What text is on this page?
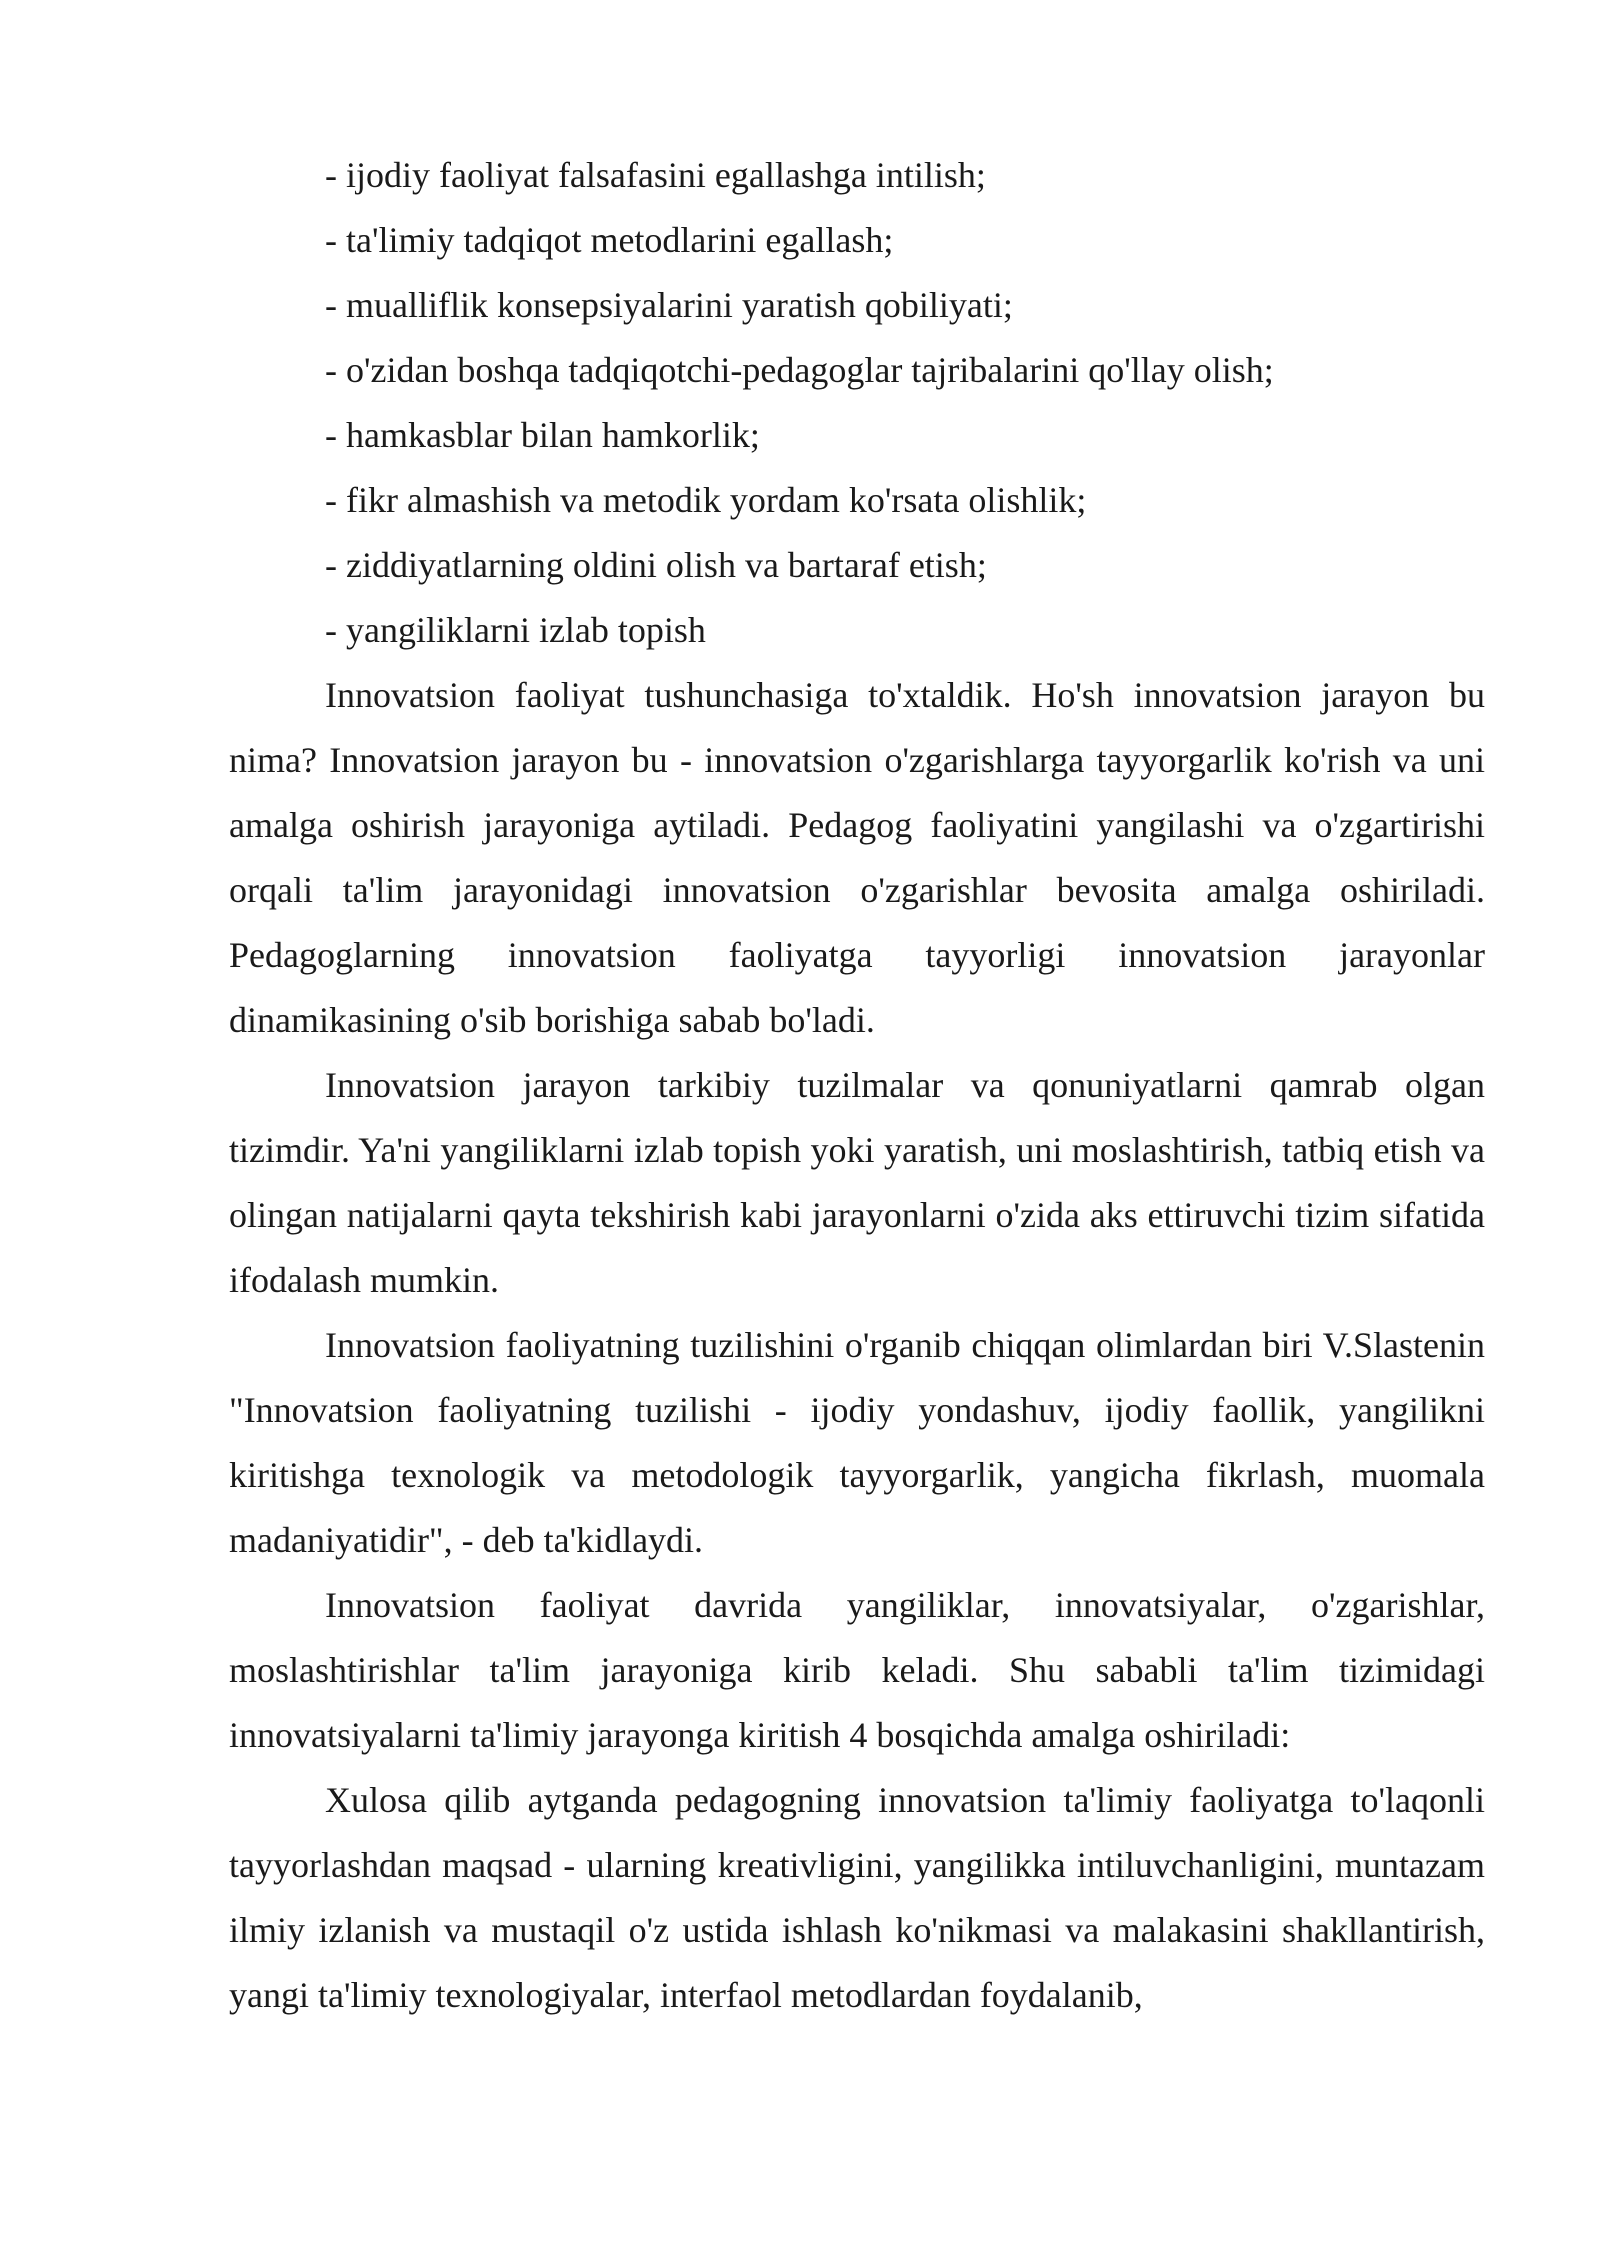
- ijodiy faoliyat falsafasini egallashga intilish;
- ta'limiy tadqiqot metodlarini egallash;
- mualliflik konsepsiyalarini yaratish qobiliyati;
- o'zidan boshqa tadqiqotchi-pedagoglar tajribalarini qo'llay olish;
- hamkasblar bilan hamkorlik;
- fikr almashish va metodik yordam ko'rsata olishlik;
- ziddiyatlarning oldini olish va bartaraf etish;
- yangiliklarni izlab topish

Innovatsion faoliyat tushunchasiga to'xtaldik. Ho'sh innovatsion jarayon bu nima? Innovatsion jarayon bu - innovatsion o'zgarishlarga tayyorgarlik ko'rish va uni amalga oshirish jarayoniga aytiladi. Pedagog faoliyatini yangilashi va o'zgartirishi orqali ta'lim jarayonidagi innovatsion o'zgarishlar bevosita amalga oshiriladi. Pedagoglarning innovatsion faoliyatga tayyorligi innovatsion jarayonlar dinamikasining o'sib borishiga sabab bo'ladi.

Innovatsion jarayon tarkibiy tuzilmalar va qonuniyatlarni qamrab olgan tizimdir. Ya'ni yangiliklarni izlab topish yoki yaratish, uni moslashtirish, tatbiq etish va olingan natijalarni qayta tekshirish kabi jarayonlarni o'zida aks ettiruvchi tizim sifatida ifodalash mumkin.

Innovatsion faoliyatning tuzilishini o'rganib chiqqan olimlardan biri V.Slastenin "Innovatsion faoliyatning tuzilishi - ijodiy yondashuv, ijodiy faollik, yangilikni kiritishga texnologik va metodologik tayyorgarlik, yangicha fikrlash, muomala madaniyatidir", - deb ta'kidlaydi.

Innovatsion faoliyat davrida yangiliklar, innovatsiyalar, o'zgarishlar, moslashtirishlar ta'lim jarayoniga kirib keladi. Shu sababli ta'lim tizimidagi innovatsiyalarni ta'limiy jarayonga kiritish 4 bosqichda amalga oshiriladi:

Xulosa qilib aytganda pedagogning innovatsion ta'limiy faoliyatga to'laqonli tayyorlashdan maqsad - ularning kreativligini, yangilikka intiluvchanligini, muntazam ilmiy izlanish va mustaqil o'z ustida ishlash ko'nikmasi va malakasini shakllantirish, yangi ta'limiy texnologiyalar, interfaol metodlardan foydalanib,
